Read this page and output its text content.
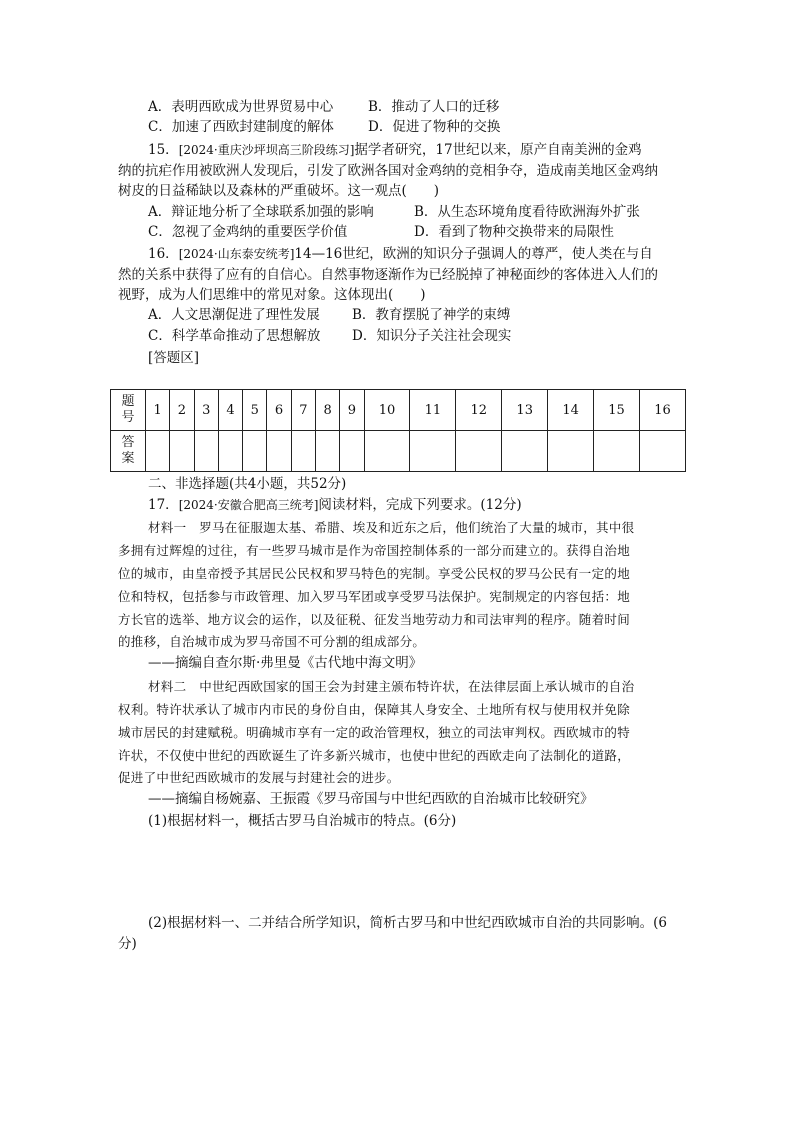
A．表明西欧成为世界贸易中心	B．推动了人口的迁移
C．加速了西欧封建制度的解体	D．促进了物种的交换
15．[2024·重庆沙坪坝高三阶段练习]据学者研究，17世纪以来，原产自南美洲的金鸡
纳的抗疟作用被欧洲人发现后，引发了欧洲各国对金鸡纳的竞相争夺，造成南美地区金鸡纳
树皮的日益稀缺以及森林的严重破坏。这一观点(　　)
A．辩证地分析了全球联系加强的影响	B．从生态环境角度看待欧洲海外扩张
C．忽视了金鸡纳的重要医学价值	D．看到了物种交换带来的局限性
16．[2024·山东泰安统考]14—16世纪，欧洲的知识分子强调人的尊严，使人类在与自
然的关系中获得了应有的自信心。自然事物逐渐作为已经脱掉了神秘面纱的客体进入人们的
视野，成为人们思维中的常见对象。这体现出(　　)
A．人文思潮促进了理性发展 B．教育摆脱了神学的束缚
C．科学革命推动了思想解放 D．知识分子关注社会现实
[答题区]
题
号	1	2	3	4	5	6	7	8	9	10	11	12	13	14	15	16
答
案																
二、非选择题(共4小题，共52分)
17．[2024·安徽合肥高三统考]阅读材料，完成下列要求。(12分)
材料一　罗马在征服迦太基、希腊、埃及和近东之后，他们统治了大量的城市，其中很
多拥有过辉煌的过往，有一些罗马城市是作为帝国控制体系的一部分而建立的。获得自治地
位的城市，由皇帝授予其居民公民权和罗马特色的宪制。享受公民权的罗马公民有一定的地
位和特权，包括参与市政管理、加入罗马军团或享受罗马法保护。宪制规定的内容包括：地
方长官的选举、地方议会的运作，以及征税、征发当地劳动力和司法审判的程序。随着时间
的推移，自治城市成为罗马帝国不可分割的组成部分。
——摘编自查尔斯·弗里曼《古代地中海文明》
材料二　中世纪西欧国家的国王会为封建主颁布特许状，在法律层面上承认城市的自治
权利。特许状承认了城市内市民的身份自由，保障其人身安全、土地所有权与使用权并免除
城市居民的封建赋税。明确城市享有一定的政治管理权，独立的司法审判权。西欧城市的特
许状，不仅使中世纪的西欧诞生了许多新兴城市，也使中世纪的西欧走向了法制化的道路，
促进了中世纪西欧城市的发展与封建社会的进步。
——摘编自杨婉嘉、王振霞《罗马帝国与中世纪西欧的自治城市比较研究》
(1)根据材料一，概括古罗马自治城市的特点。(6分)
(2)根据材料一、二并结合所学知识，简析古罗马和中世纪西欧城市自治的共同影响。(6
分)
